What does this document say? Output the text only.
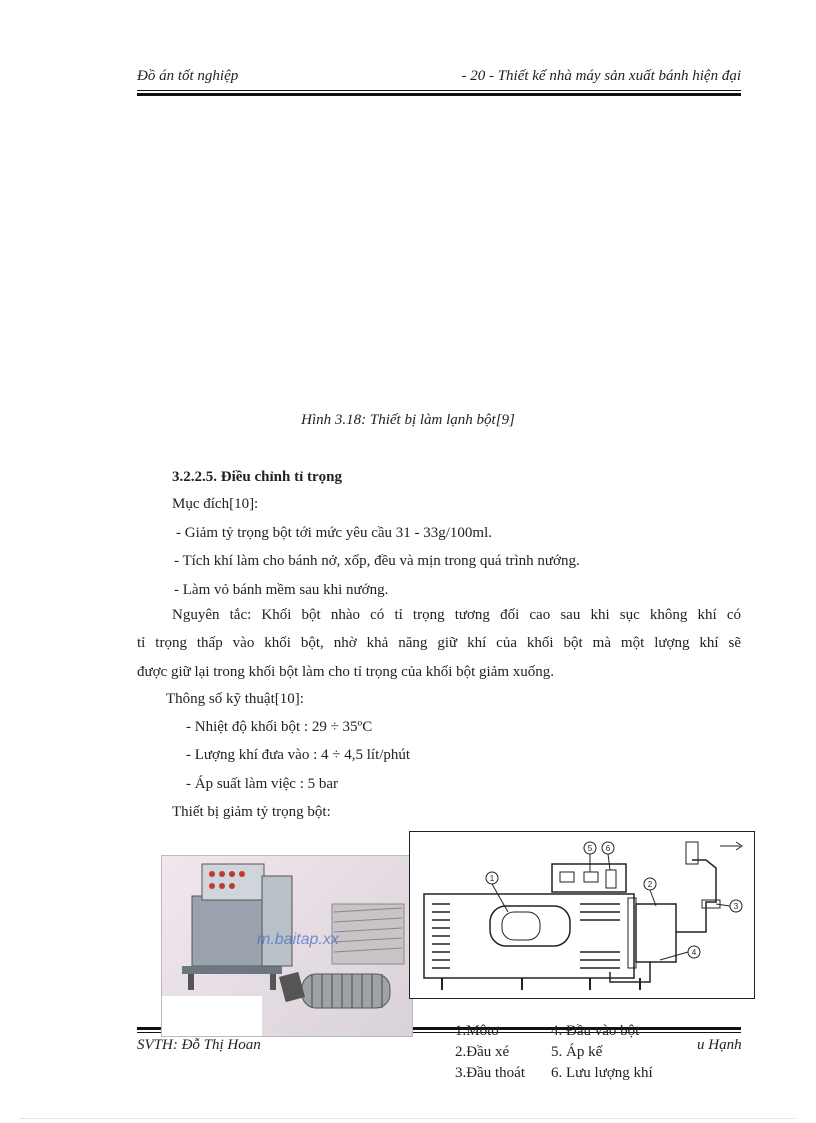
Đồ án tốt nghiệp	- 20 - Thiết kế nhà máy sản xuất bánh hiện đại
Hình 3.18: Thiết bị làm lạnh bột[9]
3.2.2.5. Điều chỉnh tỉ trọng
Mục đích[10]:
- Giảm tỷ trọng bột tới mức yêu cầu 31 - 33g/100ml.
- Tích khí làm cho bánh nở, xốp, đều và mịn trong quá trình nướng.
- Làm vỏ bánh mềm sau khi nướng.
Nguyên tắc: Khối bột nhào có tỉ trọng tương đối cao sau khi sục không khí có
tỉ trọng thấp vào khối bột, nhờ khả năng giữ khí của khối bột mà một lượng khí sẽ
được giữ lại trong khối bột làm cho tỉ trọng của khối bột giảm xuống.
Thông số kỹ thuật[10]:
- Nhiệt độ khối bột : 29 ÷ 35ºC
- Lượng khí đưa vào : 4 ÷ 4,5 lít/phút
- Áp suất làm việc : 5 bar
Thiết bị giảm tỷ trọng bột:
m.baitap.xx
1
2
3
4
5 6
1.Môtơ	4. Đầu vào bột
2.Đầu xé	5. Áp kế
3.Đầu thoát 6. Lưu lượng khí
SVTH: Đỗ Thị Hoan	u Hạnh
